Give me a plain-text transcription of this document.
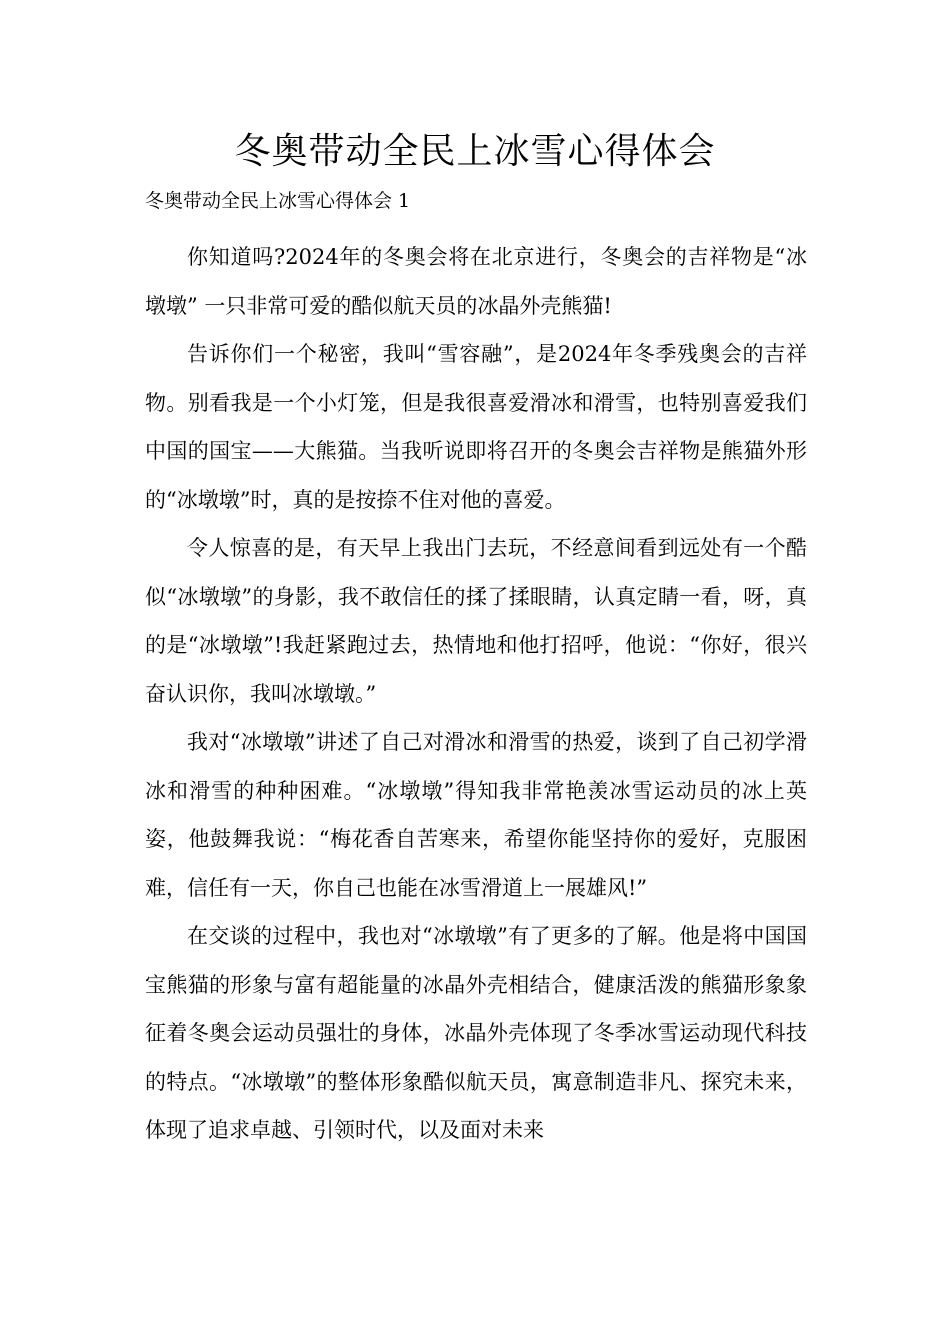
冬奥带动全民上冰雪心得体会

冬奥带动全民上冰雪心得体会 1

你知道吗?2024年的冬奥会将在北京进行，冬奥会的吉祥物是“冰墩墩” 一只非常可爱的酷似航天员的冰晶外壳熊猫!

告诉你们一个秘密，我叫“雪容融”，是2024年冬季残奥会的吉祥物。别看我是一个小灯笼，但是我很喜爱滑冰和滑雪，也特别喜爱我们中国的国宝——大熊猫。当我听说即将召开的冬奥会吉祥物是熊猫外形的“冰墩墩”时，真的是按捺不住对他的喜爱。

令人惊喜的是，有天早上我出门去玩，不经意间看到远处有一个酷似“冰墩墩”的身影，我不敢信任的揉了揉眼睛，认真定睛一看，呀，真的是“冰墩墩”!我赶紧跑过去，热情地和他打招呼，他说：“你好，很兴奋认识你，我叫冰墩墩。”

我对“冰墩墩”讲述了自己对滑冰和滑雪的热爱，谈到了自己初学滑冰和滑雪的种种困难。“冰墩墩”得知我非常艳羡冰雪运动员的冰上英姿，他鼓舞我说：“梅花香自苦寒来，希望你能坚持你的爱好，克服困难，信任有一天，你自己也能在冰雪滑道上一展雄风!”

在交谈的过程中，我也对“冰墩墩”有了更多的了解。他是将中国国宝熊猫的形象与富有超能量的冰晶外壳相结合，健康活泼的熊猫形象象征着冬奥会运动员强壮的身体，冰晶外壳体现了冬季冰雪运动现代科技的特点。“冰墩墩”的整体形象酷似航天员，寓意制造非凡、探究未来，体现了追求卓越、引领时代，以及面对未来
